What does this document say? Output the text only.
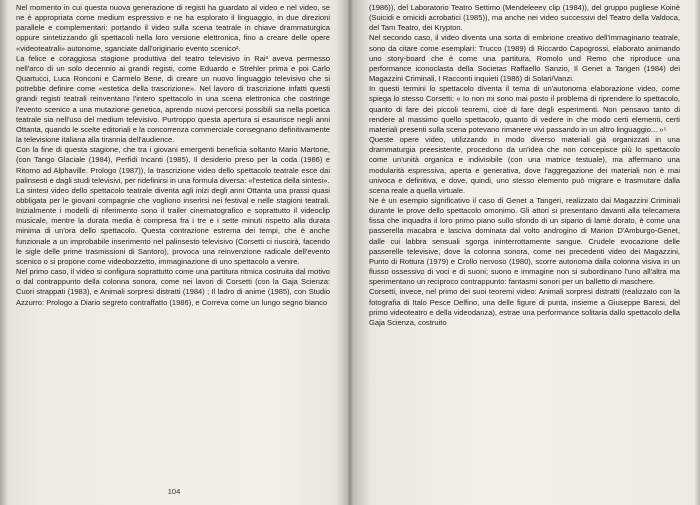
Nel momento in cui questa nuova generazione di registi ha guardato al video e nel video, se ne è appropriata come medium espressivo e ne ha esplorato il linguaggio, in due direzioni parallele e complementari: portando il video sulla scena teatrale in chiave drammaturgica oppure sintetizzando gli spettacoli nella loro versione elettronica, fino a creare delle opere «videoteatrali» autonome, sganciate dall'originario evento scenico².

La felice e coraggiosa stagione produttiva del teatro televisivo in Rai³ aveva permesso nell'arco di un solo decennio ai grandi registi, come Eduardo e Strehler prima e poi Carlo Quartucci, Luca Ronconi e Carmelo Bene, di creare un nuovo linguaggio televisivo che si potrebbe definire come «estetica della trascrizione». Nel lavoro di trascrizione infatti questi grandi registi teatrali reinventano l'intero spettacolo in una scena elettronica che costringe l'evento scenico a una mutazione genetica, aprendo nuovi percorsi possibili sia nella poetica teatrale sia nell'uso del medium televisivo. Purtroppo questa apertura si esaurisce negli anni Ottanta, quando le scelte editoriali e la concorrenza commerciale consegnano definitivamente la televisione italiana alla tirannia dell'audience.

Con la fine di questa stagione, che tra i giovani emergenti beneficia soltanto Mario Martone, (con Tango Glaciale (1984), Perfidi Incanti (1985), Il desiderio preso per la coda (1986) e Ritorno ad Alphaville. Prologo (1987)), la trascrizione video dello spettacolo teatrale esce dai palinsesti e dagli studi televisivi, per ridefinirsi in una formula diversa: «l'estetica della sintesi».

La sintesi video dello spettacolo teatrale diventa agli inizi degli anni Ottanta una prassi quasi obbligata per le giovani compagnie che vogliono inserirsi nei festival e nelle stagioni teatrali. Inizialmente i modelli di riferimento sono il trailer cinematografico e soprattutto il videoclip musicale, mentre la durata media è compresa fra i tre e i sette minuti rispetto alla durata minima di un'ora dello spettacolo. Questa contrazione estrema dei tempi, che è anche funzionale a un improbabile inserimento nel palinsesto televisivo (Corsetti ci riuscirà, facendo le sigle delle prime trasmissioni di Santoro), provoca una reinvenzione radicale dell'evento scenico o si propone come videobozzetto, immaginazione di uno spettacolo a venire.

Nel primo caso, il video si configura soprattutto come una partitura ritmica costruita dal motivo o dal contrappunto della colonna sonora, come nei lavori di Corsetti (con la Gaja Scienza: Cuori strappati (1983), e Animali sorpresi distratti (1984) ; Il ladro di anime (1985), con Studio Azzurro: Prologo a Diario segreto contraffatto (1986), e Correva come un lungo segno bianco

104

(1986)), del Laboratorio Teatro Settimo (Mendeleeev clip (1984)), del gruppo pugliese Koinè (Suicidi e omicidi acrobatici (1985)), ma anche nei video successivi del Teatro della Valdoca, del Tam Teatro, dei Krypton.

Nel secondo caso, il video diventa una sorta di embrione creativo dell'immaginario teatrale, sono da citare come esemplari: Trucco (1989) di Riccardo Capogrossi, elaborato animando uno story-board che è come una partitura, Romolo und Remo che riproduce una performance iconoclasta della Societas Raffaello Sanzio, Il Genet a Tangeri (1984) dei Magazzini Criminali, I Racconti inquieti (1986) di Solari/Vanzi.

In questi termini lo spettacolo diventa il tema di un'autonoma elaborazione video, come spiega lo stesso Corsetti: « Io non mi sono mai posto il problema di riprendere lo spettacolo, quanto di fare dei piccoli teoremi, cioè di fare degli esperimenti. Non pensavo tanto di rendere al massimo quello spettacolo, quanto di vedere in che modo certi elementi, certi materiali presenti sulla scena potevano rimanere vivi passando in un altro linguaggio... »⁵

Queste opere video, utilizzando in modo diverso materiali già organizzati in una drammaturgia preesistente, procedono da un'idea che non concepisce più lo spettacolo come un'unità organica e indivisibile (con una matrice testuale), ma affermano una modularità espressiva, aperta e generativa, dove l'aggregazione dei materiali non è mai univoca e definitiva, e dove, quindi, uno stesso elemento può migrare e trasmutare dalla scena reale a quella virtuale.

Ne è un esempio significativo il caso di Genet a Tangeri, realizzato dai Magazzini Criminali durante le prove dello spettacolo omonimo. Gli attori si presentano davanti alla telecamera fissa che inquadra il loro primo piano sullo sfondo di un sipario di lamè dorato, è come una passerella macabra e lasciva dominata dal volto androgino di Marion D'Amburgo-Genet, dalle cui labbra sensuali sgorga ininterrottamente sangue. Crudele evocazione delle passerelle televisive, dove la colonna sonora, come nei precedenti video dei Magazzini, Punto di Rottura (1979) e Crollo nervoso (1980), scorre autonoma dalla colonna visiva in un flusso ossessivo di voci e di suoni; suono e immagine non si subordinano l'uno all'altra ma sperimentano un reciproco contrappunto: fantasmi sonori per un balletto di maschere.

Corsetti, invece, nel primo dei suoi teoremi video: Animali sorpresi distratti (realizzato con la fotografia di Italo Pesce Delfino, una delle figure di punta, insieme a Giuseppe Baresi, del primo videoteatro e della videodanza), estrae una performance solitaria dallo spettacolo della Gaja Scienza, costruito
